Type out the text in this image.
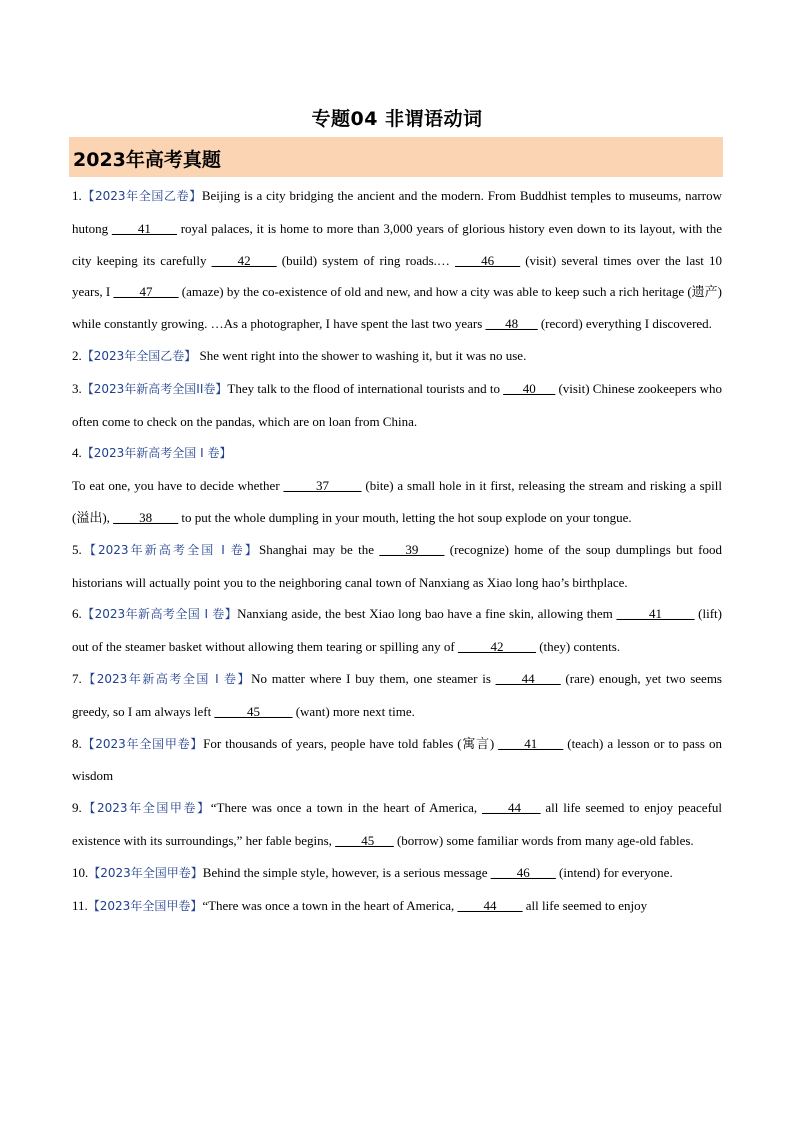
专题04 非谓语动词
2023年高考真题

1.【2023年全国乙卷】Beijing is a city bridging the ancient and the modern. From Buddhist temples to museums, narrow hutong ____41____ royal palaces, it is home to more than 3,000 years of glorious history even down to its layout, with the city keeping its carefully ____42____ (build) system of ring roads.… ____46____ (visit) several times over the last 10 years, I ____47____ (amaze) by the co-existence of old and new, and how a city was able to keep such a rich heritage (遗产) while constantly growing. …As a photographer, I have spent the last two years ___48___ (record) everything I discovered.

2.【2023年全国乙卷】 She went right into the shower to washing it, but it was no use.

3.【2023年新高考全国II卷】They talk to the flood of international tourists and to ___40___ (visit) Chinese zookeepers who often come to check on the pandas, which are on loan from China.

4.【2023年新高考全国 I 卷】

To eat one, you have to decide whether _____37_____ (bite) a small hole in it first, releasing the stream and risking a spill (溢出), ____38____ to put the whole dumpling in your mouth, letting the hot soup explode on your tongue.

5.【2023年新高考全国 I 卷】Shanghai may be the ____39____ (recognize) home of the soup dumplings but food historians will actually point you to the neighboring canal town of Nanxiang as Xiao long hao’s birthplace.

6.【2023年新高考全国 I 卷】Nanxiang aside, the best Xiao long bao have a fine skin, allowing them _____41_____ (lift) out of the steamer basket without allowing them tearing or spilling any of _____42_____ (they) contents.

7.【2023年新高考全国 I 卷】No matter where I buy them, one steamer is ____44____ (rare) enough, yet two seems greedy, so I am always left _____45_____ (want) more next time.

8.【2023年全国甲卷】For thousands of years, people have told fables (寓言) ____41____ (teach) a lesson or to pass on wisdom

9.【2023年全国甲卷】“There was once a town in the heart of America, ____44___ all life seemed to enjoy peaceful existence with its surroundings,” her fable begins, ____45___ (borrow) some familiar words from many age-old fables.

10.【2023年全国甲卷】Behind the simple style, however, is a serious message ____46____ (intend) for everyone.

11.【2023年全国甲卷】“There was once a town in the heart of America, ____44____ all life seemed to enjoy
